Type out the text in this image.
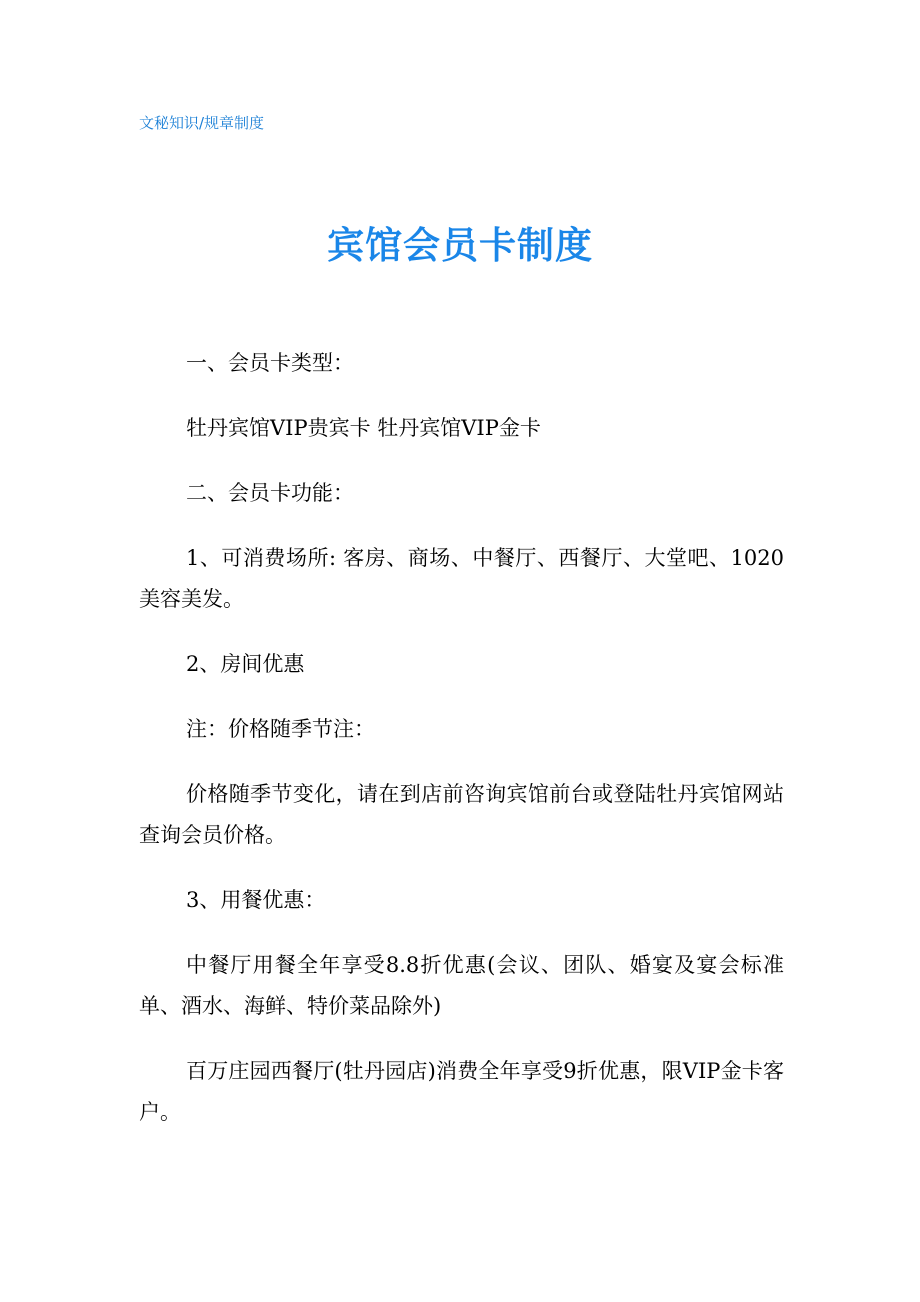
文秘知识/规章制度
宾馆会员卡制度

一、会员卡类型：

牡丹宾馆VIP贵宾卡 牡丹宾馆VIP金卡

二、会员卡功能：

1、可消费场所: 客房、商场、中餐厅、西餐厅、大堂吧、1020美容美发。

2、房间优惠

注：价格随季节注：

价格随季节变化，请在到店前咨询宾馆前台或登陆牡丹宾馆网站查询会员价格。

3、用餐优惠：

中餐厅用餐全年享受8.8折优惠(会议、团队、婚宴及宴会标准单、酒水、海鲜、特价菜品除外)

百万庄园西餐厅(牡丹园店)消费全年享受9折优惠，限VIP金卡客户。
